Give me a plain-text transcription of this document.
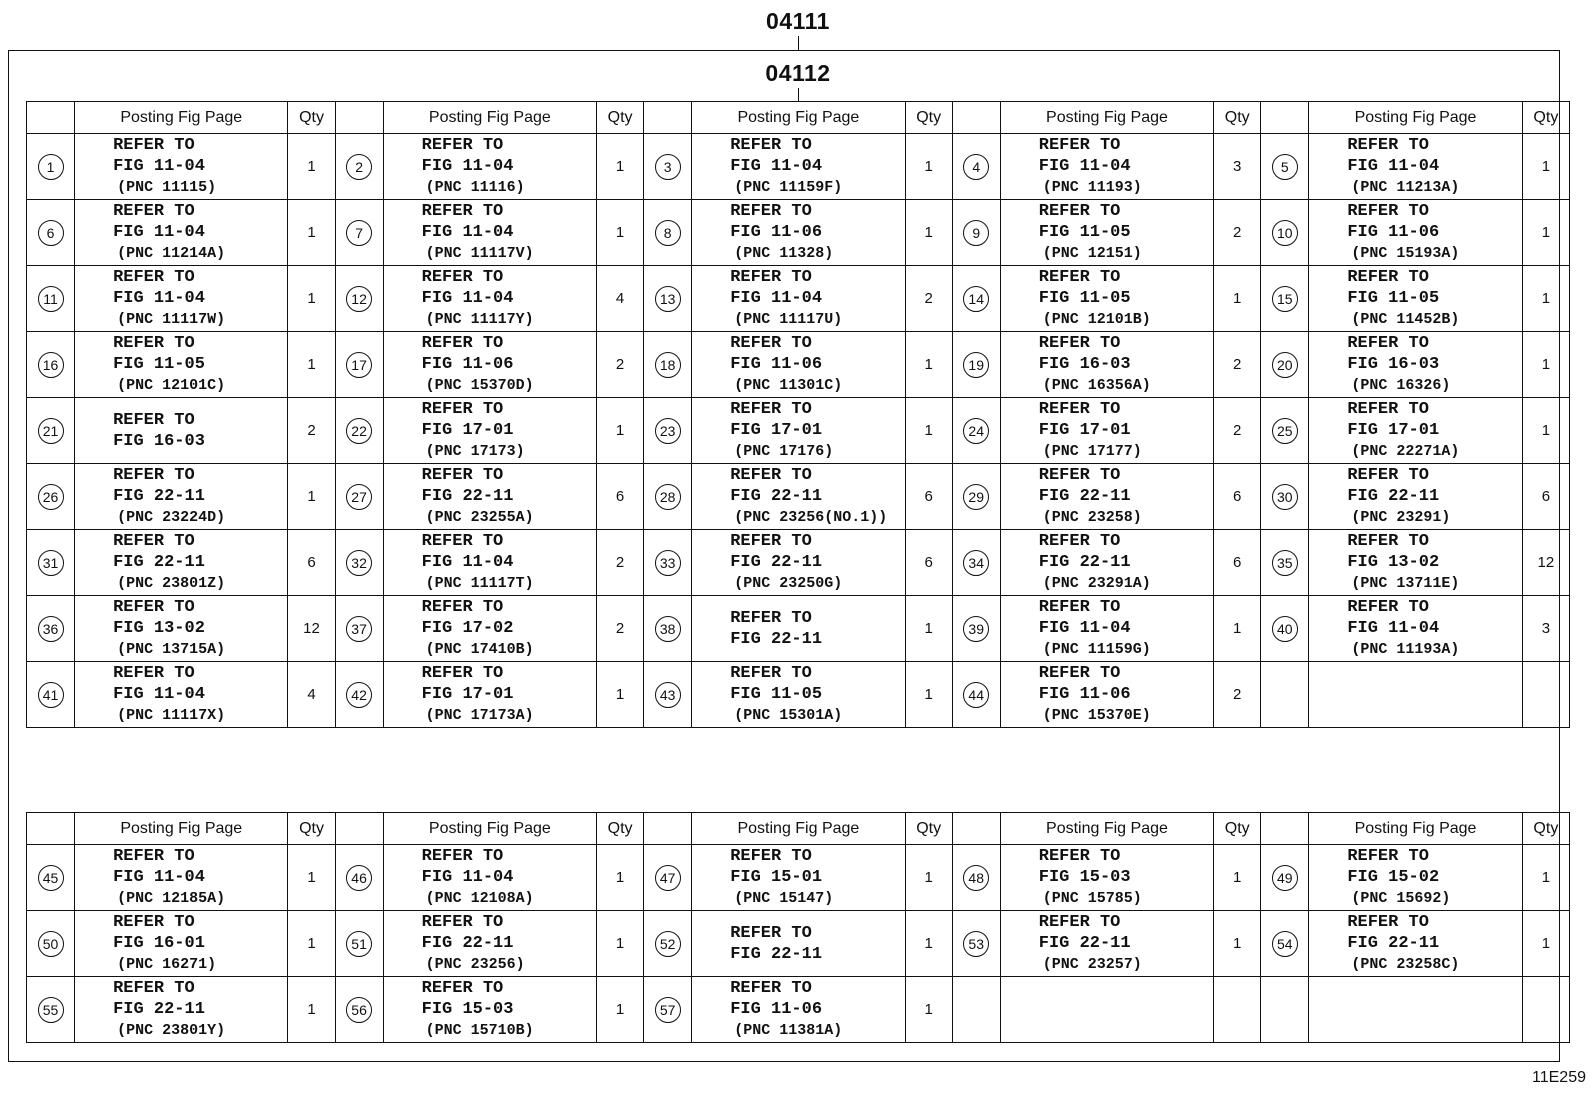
04111
04112
	Posting Fig Page	Qty		Posting Fig Page	Qty		Posting Fig Page	Qty		Posting Fig Page	Qty		Posting Fig Page	Qty
1	REFER TO
FIG 11-04
(PNC 11115)	1	2	REFER TO
FIG 11-04
(PNC 11116)	1	3	REFER TO
FIG 11-04
(PNC 11159F)	1	4	REFER TO
FIG 11-04
(PNC 11193)	3	5	REFER TO
FIG 11-04
(PNC 11213A)	1
6	REFER TO
FIG 11-04
(PNC 11214A)	1	7	REFER TO
FIG 11-04
(PNC 11117V)	1	8	REFER TO
FIG 11-06
(PNC 11328)	1	9	REFER TO
FIG 11-05
(PNC 12151)	2	10	REFER TO
FIG 11-06
(PNC 15193A)	1
11	REFER TO
FIG 11-04
(PNC 11117W)	1	12	REFER TO
FIG 11-04
(PNC 11117Y)	4	13	REFER TO
FIG 11-04
(PNC 11117U)	2	14	REFER TO
FIG 11-05
(PNC 12101B)	1	15	REFER TO
FIG 11-05
(PNC 11452B)	1
16	REFER TO
FIG 11-05
(PNC 12101C)	1	17	REFER TO
FIG 11-06
(PNC 15370D)	2	18	REFER TO
FIG 11-06
(PNC 11301C)	1	19	REFER TO
FIG 16-03
(PNC 16356A)	2	20	REFER TO
FIG 16-03
(PNC 16326)	1
21	REFER TO
FIG 16-03	2	22	REFER TO
FIG 17-01
(PNC 17173)	1	23	REFER TO
FIG 17-01
(PNC 17176)	1	24	REFER TO
FIG 17-01
(PNC 17177)	2	25	REFER TO
FIG 17-01
(PNC 22271A)	1
26	REFER TO
FIG 22-11
(PNC 23224D)	1	27	REFER TO
FIG 22-11
(PNC 23255A)	6	28	REFER TO
FIG 22-11
(PNC 23256(NO.1))	6	29	REFER TO
FIG 22-11
(PNC 23258)	6	30	REFER TO
FIG 22-11
(PNC 23291)	6
31	REFER TO
FIG 22-11
(PNC 23801Z)	6	32	REFER TO
FIG 11-04
(PNC 11117T)	2	33	REFER TO
FIG 22-11
(PNC 23250G)	6	34	REFER TO
FIG 22-11
(PNC 23291A)	6	35	REFER TO
FIG 13-02
(PNC 13711E)	12
36	REFER TO
FIG 13-02
(PNC 13715A)	12	37	REFER TO
FIG 17-02
(PNC 17410B)	2	38	REFER TO
FIG 22-11	1	39	REFER TO
FIG 11-04
(PNC 11159G)	1	40	REFER TO
FIG 11-04
(PNC 11193A)	3
41	REFER TO
FIG 11-04
(PNC 11117X)	4	42	REFER TO
FIG 17-01
(PNC 17173A)	1	43	REFER TO
FIG 11-05
(PNC 15301A)	1	44	REFER TO
FIG 11-06
(PNC 15370E)	2			
	Posting Fig Page	Qty		Posting Fig Page	Qty		Posting Fig Page	Qty		Posting Fig Page	Qty		Posting Fig Page	Qty
45	REFER TO
FIG 11-04
(PNC 12185A)	1	46	REFER TO
FIG 11-04
(PNC 12108A)	1	47	REFER TO
FIG 15-01
(PNC 15147)	1	48	REFER TO
FIG 15-03
(PNC 15785)	1	49	REFER TO
FIG 15-02
(PNC 15692)	1
50	REFER TO
FIG 16-01
(PNC 16271)	1	51	REFER TO
FIG 22-11
(PNC 23256)	1	52	REFER TO
FIG 22-11	1	53	REFER TO
FIG 22-11
(PNC 23257)	1	54	REFER TO
FIG 22-11
(PNC 23258C)	1
55	REFER TO
FIG 22-11
(PNC 23801Y)	1	56	REFER TO
FIG 15-03
(PNC 15710B)	1	57	REFER TO
FIG 11-06
(PNC 11381A)	1						
11E259
